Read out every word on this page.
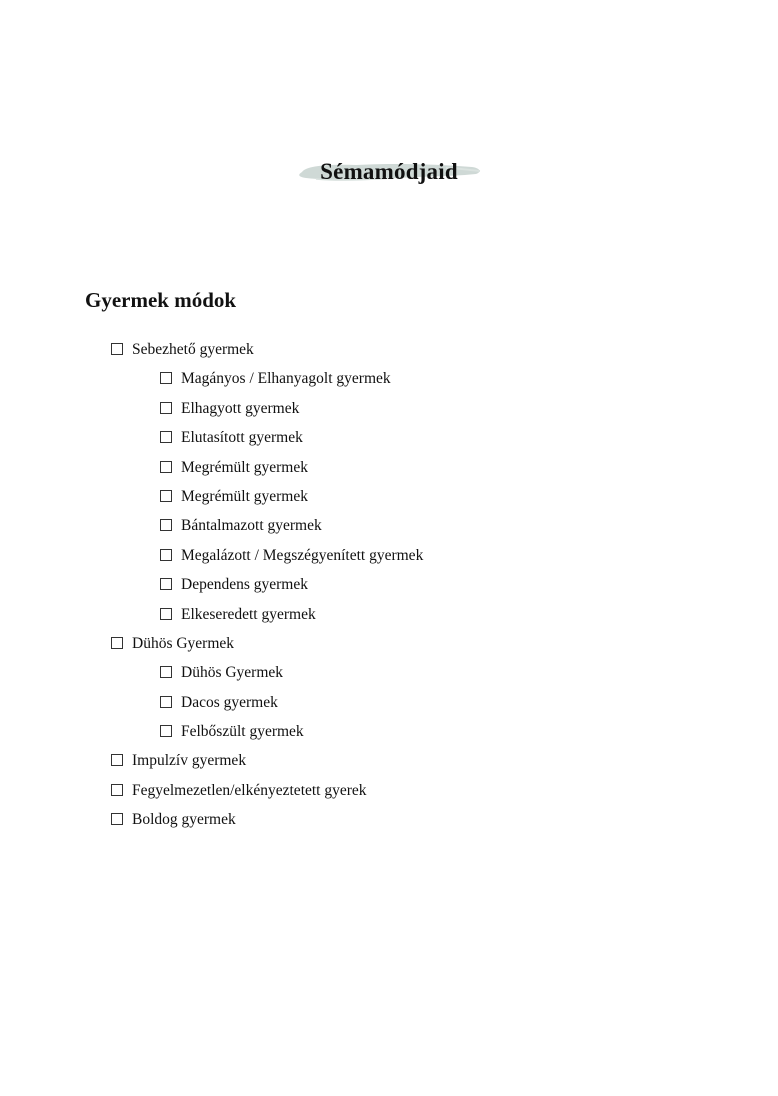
Sémamódjaid
Gyermek módok
Sebezhető gyermek
Magányos / Elhanyagolt gyermek
Elhagyott gyermek
Elutasított gyermek
Megrémült gyermek
Megrémült gyermek
Bántalmazott gyermek
Megalázott / Megszégyenített gyermek
Dependens gyermek
Elkeseredett gyermek
Dühös Gyermek
Dühös Gyermek
Dacos gyermek
Felbőszült gyermek
Impulzív gyermek
Fegyelmezetlen/elkényeztetett gyerek
Boldog gyermek
